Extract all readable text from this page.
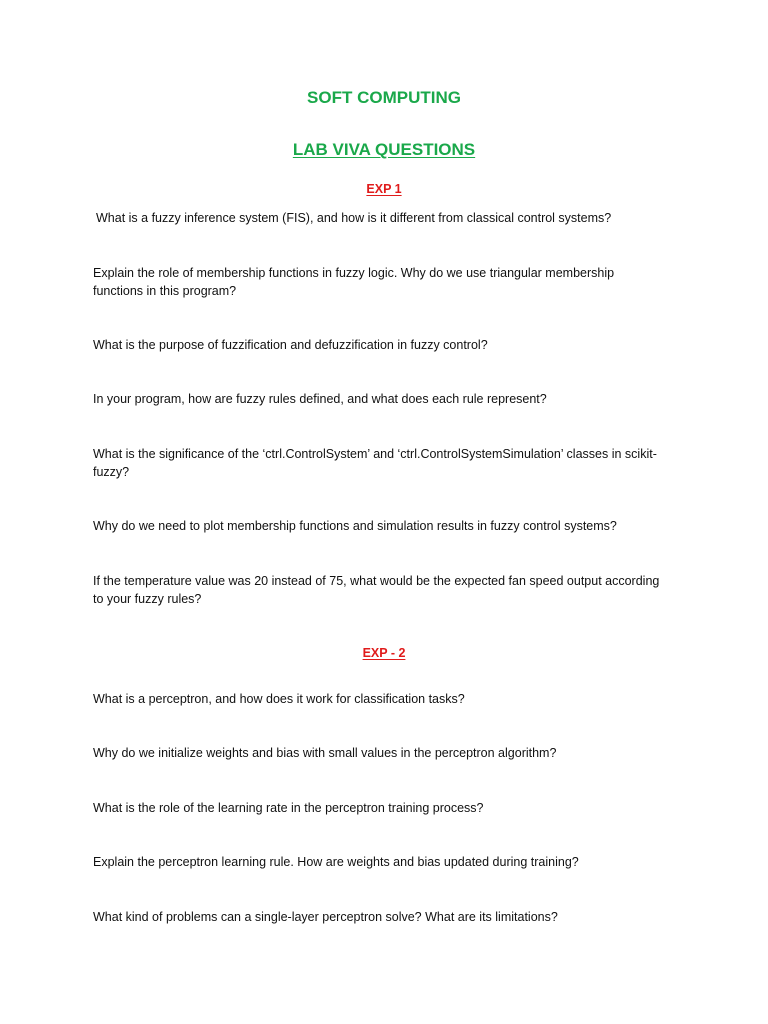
SOFT COMPUTING
LAB VIVA QUESTIONS
EXP 1
What is a fuzzy inference system (FIS), and how is it different from classical control systems?
Explain the role of membership functions in fuzzy logic. Why do we use triangular membership functions in this program?
What is the purpose of fuzzification and defuzzification in fuzzy control?
In your program, how are fuzzy rules defined, and what does each rule represent?
What is the significance of the ‘ctrl.ControlSystem’ and ‘ctrl.ControlSystemSimulation’ classes in scikit-fuzzy?
Why do we need to plot membership functions and simulation results in fuzzy control systems?
If the temperature value was 20 instead of 75, what would be the expected fan speed output according to your fuzzy rules?
EXP - 2
What is a perceptron, and how does it work for classification tasks?
Why do we initialize weights and bias with small values in the perceptron algorithm?
What is the role of the learning rate in the perceptron training process?
Explain the perceptron learning rule. How are weights and bias updated during training?
What kind of problems can a single-layer perceptron solve? What are its limitations?
